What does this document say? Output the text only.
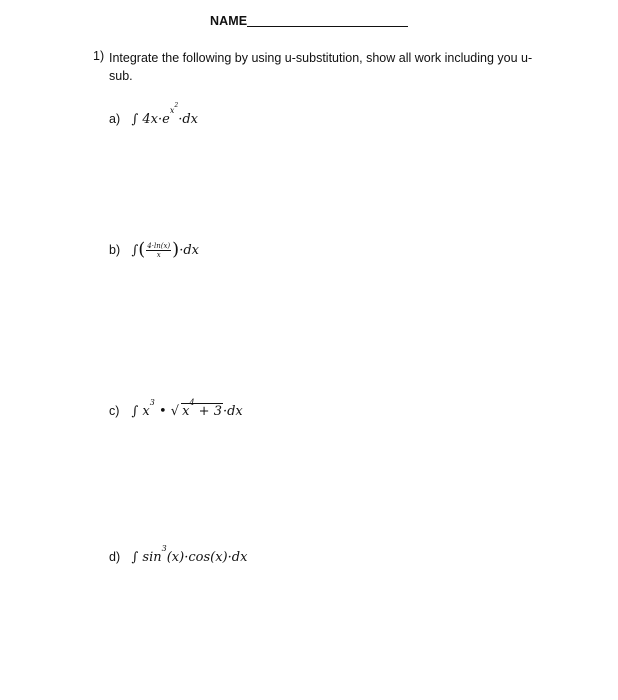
NAME
1) Integrate the following by using u-substitution, show all work including you u-sub.
a) ∫ $4x\cdot e^{x^2}\cdot dx$
b) ∫( $\frac{4\cdot\ln(x)}{x} )\cdot dx$
c) ∫ $x^3$ • √ $x^4 + 3\cdot dx$
d) ∫ $\sin^3(x)\cdot\cos(x)\cdot dx$
